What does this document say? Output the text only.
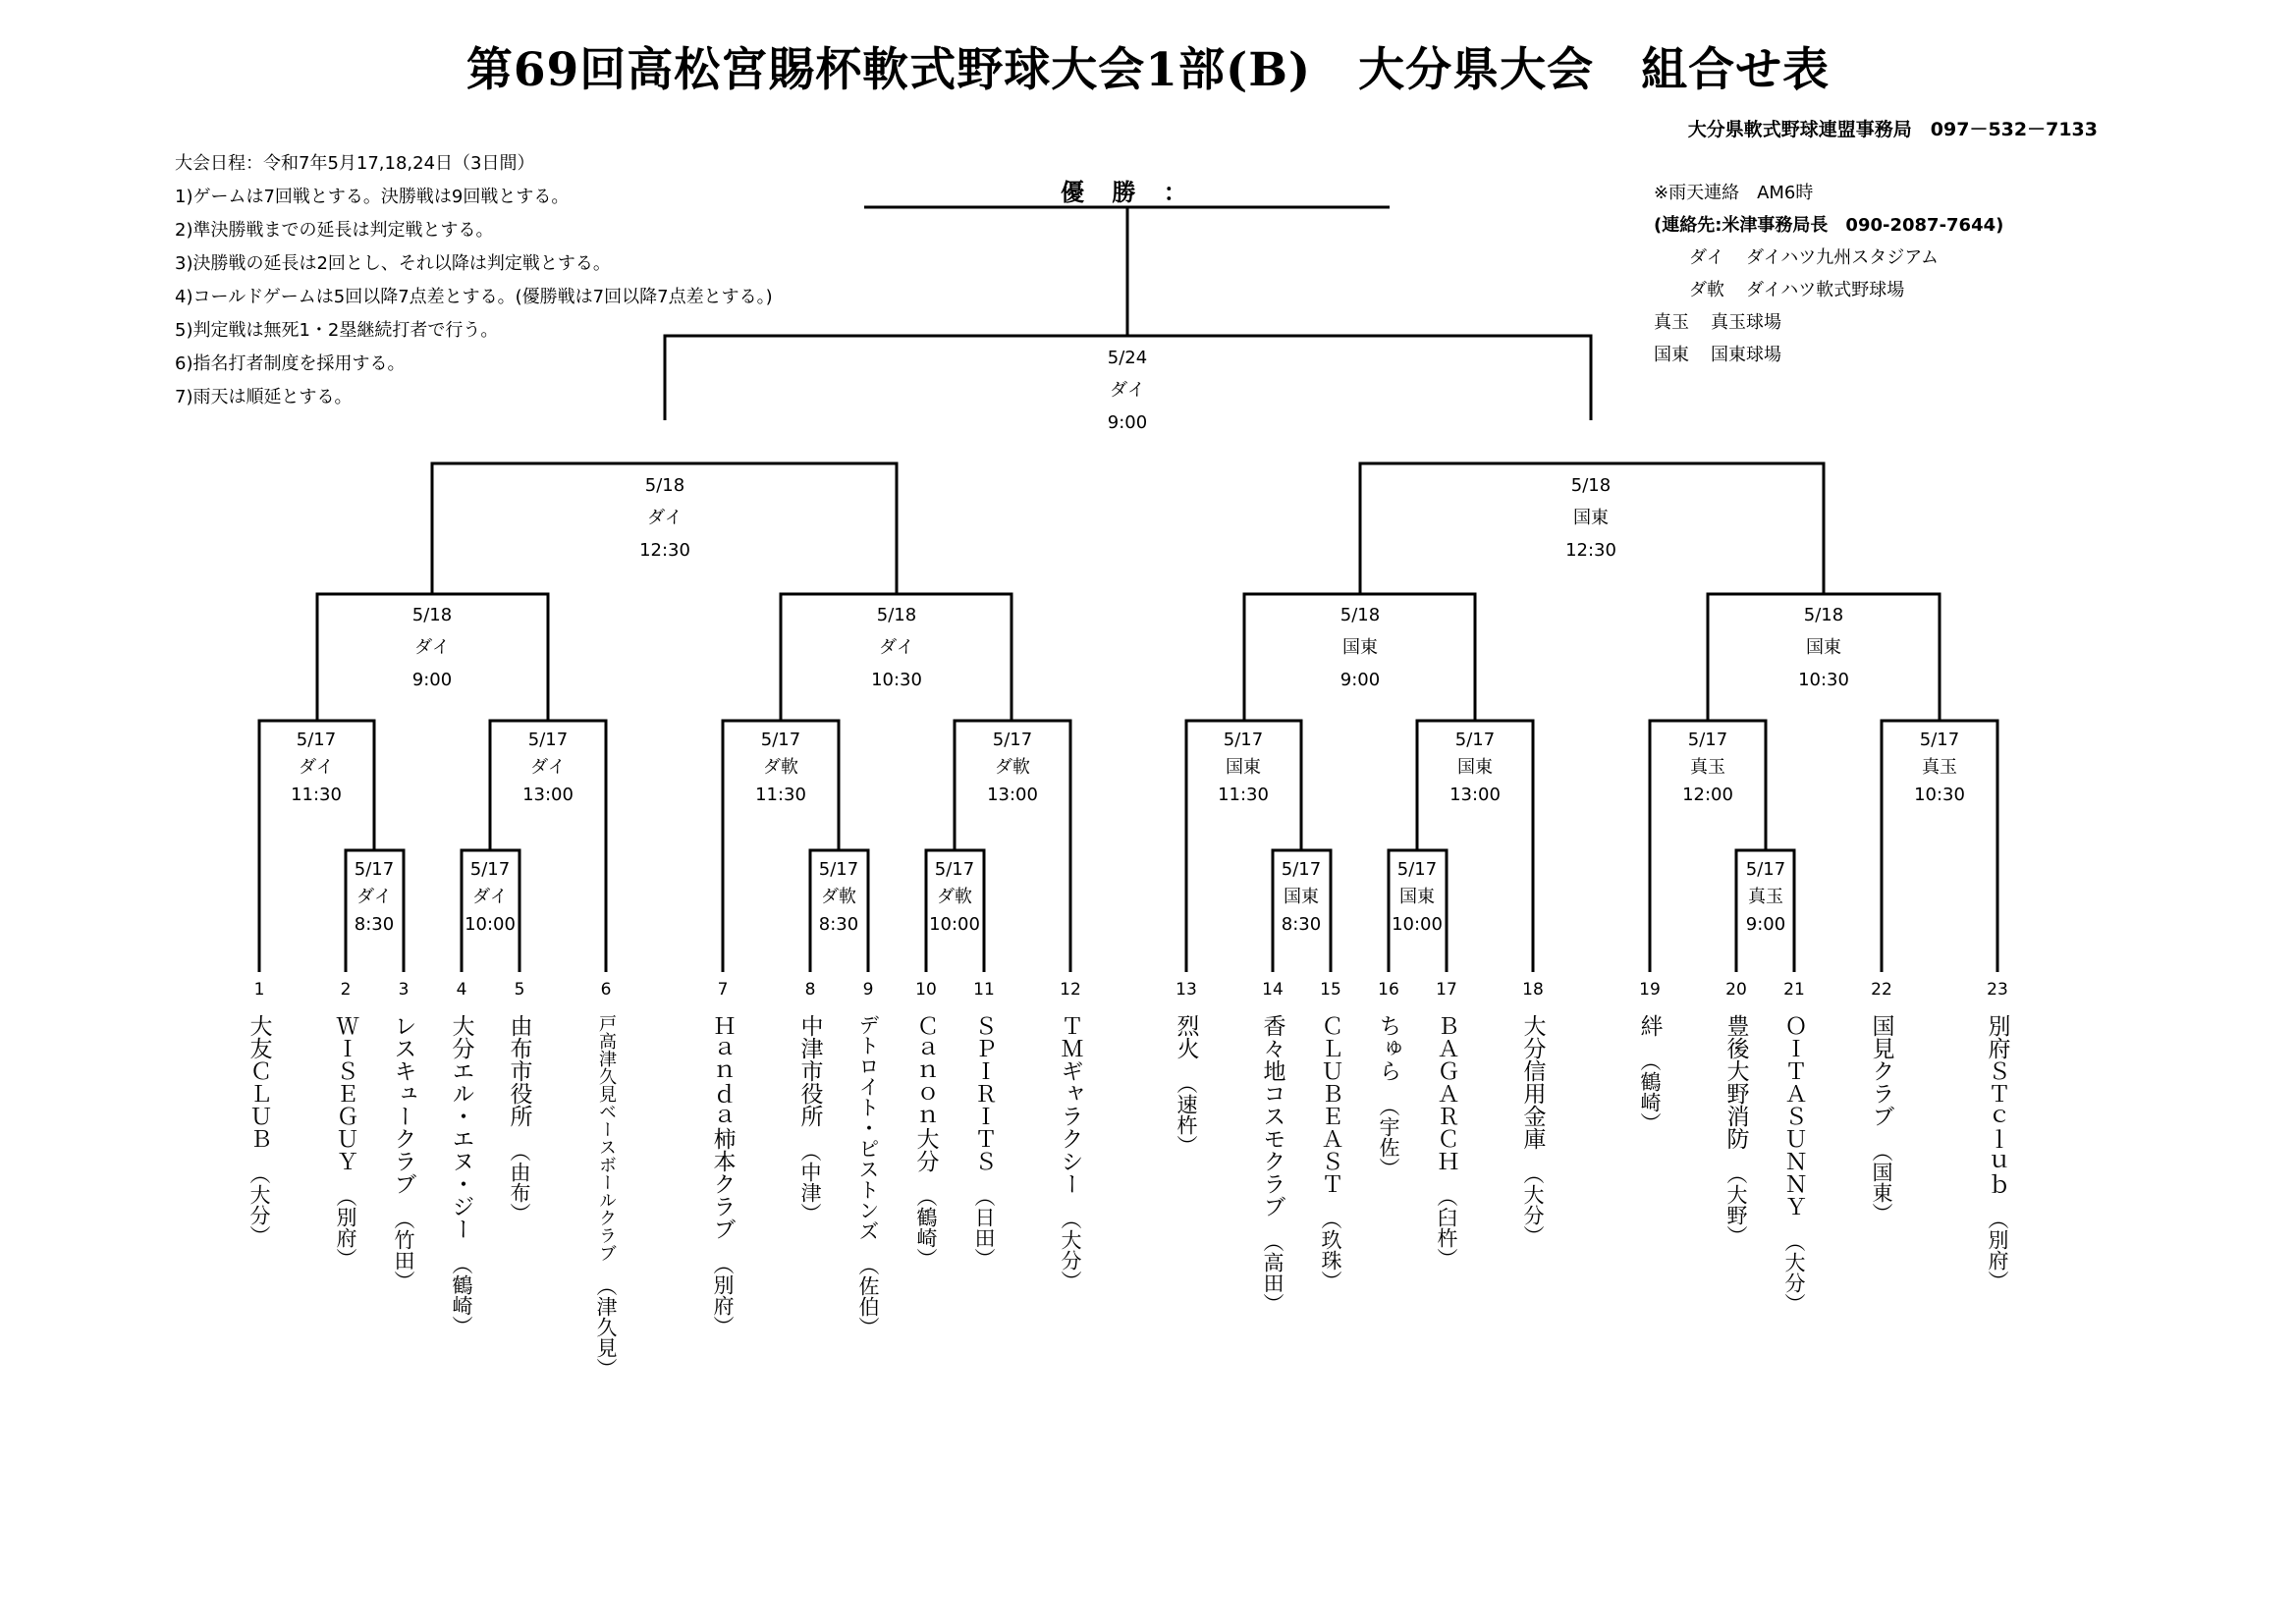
第69回高松宮賜杯軟式野球大会1部(B)　大分県大会　組合せ表
大分県軟式野球連盟事務局　097－532－7133
大会日程：令和7年5月17,18,24日（3日間）
1)ゲームは7回戦とする。決勝戦は9回戦とする。
2)準決勝戦までの延長は判定戦とする。
3)決勝戦の延長は2回とし、それ以降は判定戦とする。
4)コールドゲームは5回以降7点差とする。(優勝戦は7回以降7点差とする。)
5)判定戦は無死1・2塁継続打者で行う。
6)指名打者制度を採用する。
7)雨天は順延とする。
※雨天連絡　AM6時
(連絡先:米津事務局長　090-2087-7644)
ダイ ダイハツ九州スタジアム
ダ軟 ダイハツ軟式野球場
真玉 真玉球場
国東 国東球場
優 勝 ：
5/24
ダイ
9:00
5/18
ダイ
12:30
5/18
国東
12:30
5/18
ダイ
9:00
5/18
ダイ
10:30
5/18
国東
9:00
5/18
国東
10:30
5/17
ダイ
11:30
5/17
ダイ
13:00
5/17
ダ軟
11:30
5/17
ダ軟
13:00
5/17
国東
11:30
5/17
国東
13:00
5/17
真玉
12:00
5/17
真玉
10:30
5/17
ダイ
8:30
5/17
ダイ
10:00
5/17
ダ軟
8:30
5/17
ダ軟
10:00
5/17
国東
8:30
5/17
国東
10:00
5/17
真玉
9:00
1
大友ＣＬＵＢ
（大分）
2
ＷＩＳＥＧＵＹ
（別府）
3
レスキュークラブ
（竹田）
4
大分エル・エヌ・ジー
（鶴崎）
5
由布市役所
（由布）
6
戸高津久見ベースボールクラブ
（津久見）
7
Ｈａｎｄａ柿本クラブ
（別府）
8
中津市役所
（中津）
9
デトロイト・ピストンズ
（佐伯）
10
Ｃａｎｏｎ大分
（鶴崎）
11
ＳＰＩＲＩＴＳ
（日田）
12
ＴＭギャラクシー
（大分）
13
烈火
（速杵）
14
香々地コスモクラブ
（高田）
15
ＣＬＵＢＥＡＳＴ
（玖珠）
16
ちゅら
（宇佐）
17
ＢＡＧＡＲＣＨ
（臼杵）
18
大分信用金庫
（大分）
19
絆
（鶴崎）
20
豊後大野消防
（大野）
21
ＯＩＴＡＳＵＮＮＹ
（大分）
22
国見クラブ
（国東）
23
別府ＳＴｃｌｕｂ
（別府）
